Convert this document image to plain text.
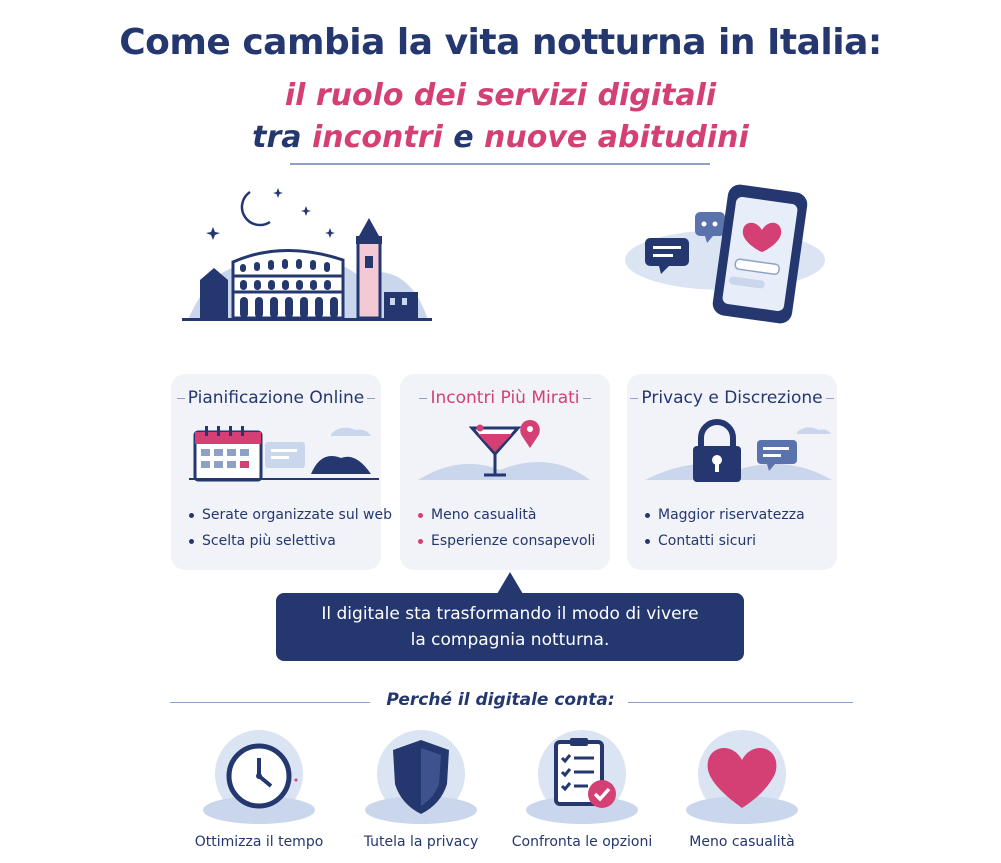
Come cambia la vita notturna in Italia:
il ruolo dei servizi digitali
tra incontri e nuove abitudini
Pianificazione Online
Serate organizzate sul web
Scelta più selettiva
Incontri Più Mirati
Meno casualità
Esperienze consapevoli
Privacy e Discrezione
Maggior riservatezza
Contatti sicuri
Il digitale sta trasformando il modo di vivere
la compagnia notturna.
Perché il digitale conta:
Ottimizza il tempo	Tutela la privacy	Confronta le opzioni	Meno casualità
